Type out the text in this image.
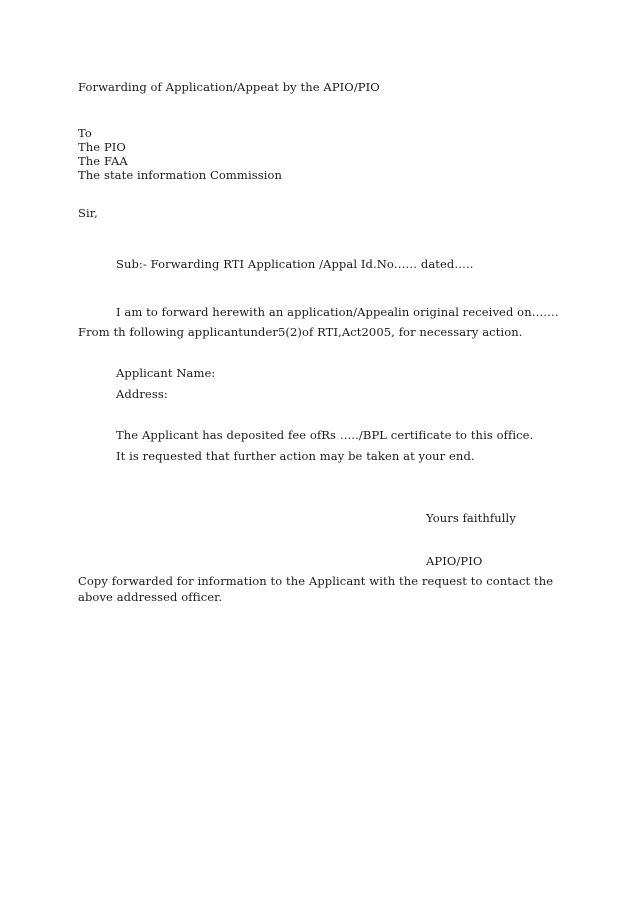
Forwarding of Application/Appeat by the APIO/PIO
To
The PIO
The FAA
The state information Commission
Sir,
Sub:- Forwarding RTI Application /Appal Id.No…… dated…..
I am to forward herewith an application/Appealin original received on…….
From th following applicantunder5(2)of RTI,Act2005, for necessary action.
Applicant Name:
Address:
The Applicant has deposited fee ofRs …../BPL certificate to this office.
It is requested that further action may be taken at your end.
Yours faithfully
APIO/PIO
Copy forwarded for information to the Applicant with the request to contact the
above addressed officer.
